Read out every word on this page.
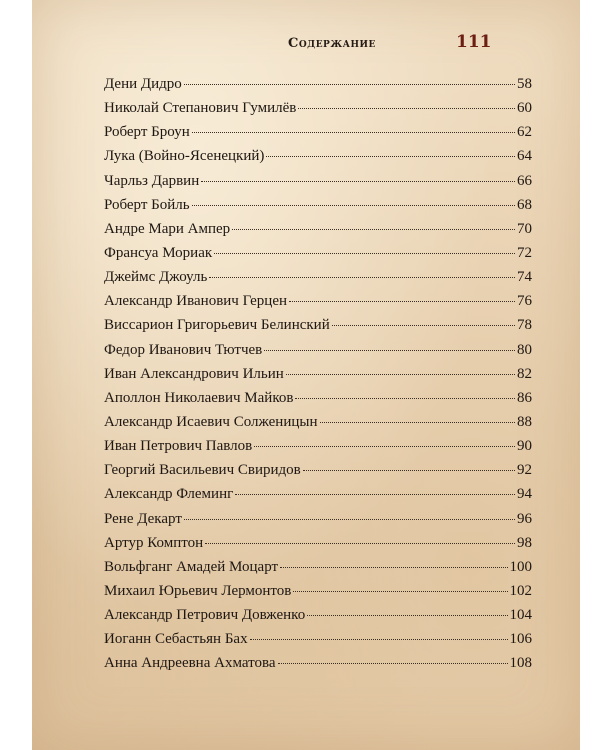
Содержание	111
Дени Дидро	58
Николай Степанович Гумилёв	60
Роберт Броун	62
Лука (Войно-Ясенецкий)	64
Чарльз Дарвин	66
Роберт Бойль	68
Андре Мари Ампер	70
Франсуа Мориак	72
Джеймс Джоуль	74
Александр Иванович Герцен	76
Виссарион Григорьевич Белинский	78
Федор Иванович Тютчев	80
Иван Александрович Ильин	82
Аполлон Николаевич Майков	86
Александр Исаевич Солженицын	88
Иван Петрович Павлов	90
Георгий Васильевич Свиридов	92
Александр Флеминг	94
Рене Декарт	96
Артур Комптон	98
Вольфганг Амадей Моцарт	100
Михаил Юрьевич Лермонтов	102
Александр Петрович Довженко	104
Иоганн Себастьян Бах	106
Анна Андреевна Ахматова	108
